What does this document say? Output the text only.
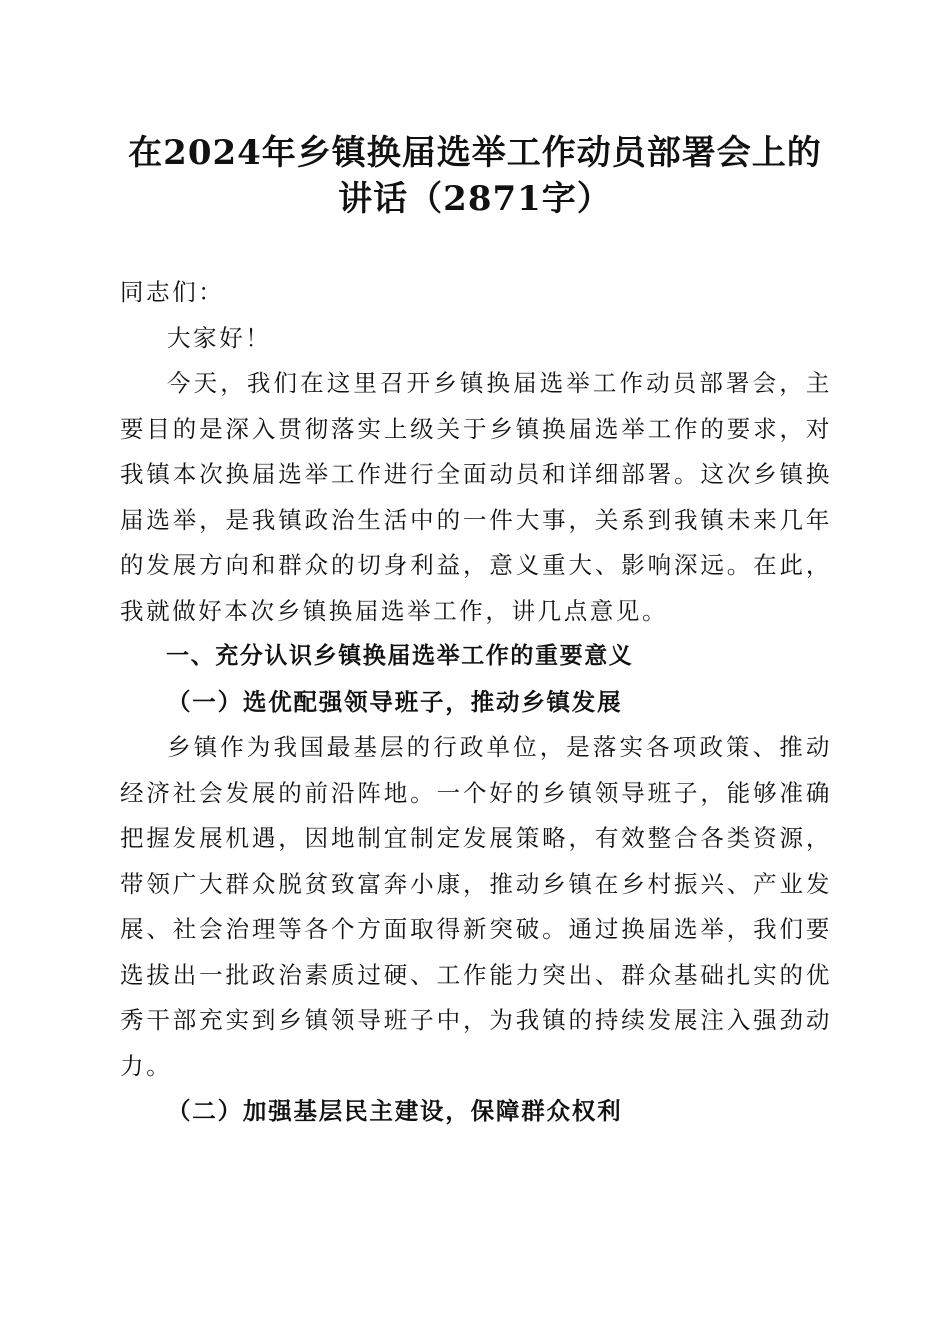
在2024年乡镇换届选举工作动员部署会上的
讲话（2871字）

同志们：

大家好！

今天，我们在这里召开乡镇换届选举工作动员部署会，主要目的是深入贯彻落实上级关于乡镇换届选举工作的要求，对我镇本次换届选举工作进行全面动员和详细部署。这次乡镇换届选举，是我镇政治生活中的一件大事，关系到我镇未来几年的发展方向和群众的切身利益，意义重大、影响深远。在此，我就做好本次乡镇换届选举工作，讲几点意见。

一、充分认识乡镇换届选举工作的重要意义

（一）选优配强领导班子，推动乡镇发展

乡镇作为我国最基层的行政单位，是落实各项政策、推动经济社会发展的前沿阵地。一个好的乡镇领导班子，能够准确把握发展机遇，因地制宜制定发展策略，有效整合各类资源，带领广大群众脱贫致富奔小康，推动乡镇在乡村振兴、产业发展、社会治理等各个方面取得新突破。通过换届选举，我们要选拔出一批政治素质过硬、工作能力突出、群众基础扎实的优秀干部充实到乡镇领导班子中，为我镇的持续发展注入强劲动力。

（二）加强基层民主建设，保障群众权利
